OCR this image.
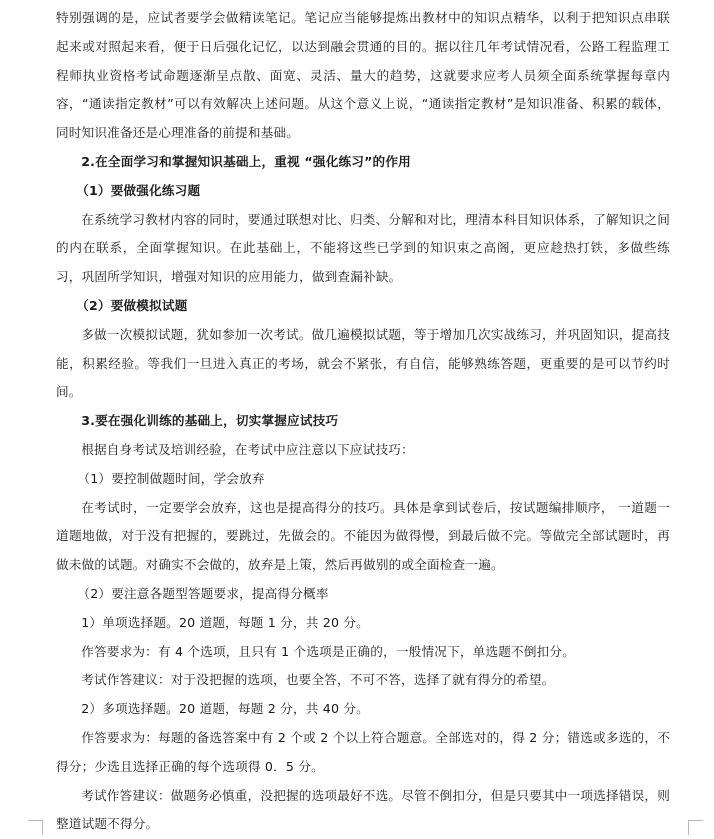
特别强调的是，应试者要学会做精读笔记。笔记应当能够提炼出教材中的知识点精华，以利于把知识点串联起来或对照起来看，便于日后强化记忆，以达到融会贯通的目的。据以往几年考试情况看，公路工程监理工程师执业资格考试命题逐渐呈点散、面宽、灵活、量大的趋势，这就要求应考人员须全面系统掌握每章内容，“通读指定教材”可以有效解决上述问题。从这个意义上说，“通读指定教材”是知识准备、积累的载体，同时知识准备还是心理准备的前提和基础。

2.在全面学习和掌握知识基础上，重视 “强化练习”的作用

（1）要做强化练习题

在系统学习教材内容的同时，要通过联想对比、归类、分解和对比，理清本科目知识体系，了解知识之间的内在联系，全面掌握知识。在此基础上，不能将这些已学到的知识束之高阁，更应趁热打铁，多做些练习，巩固所学知识，增强对知识的应用能力，做到查漏补缺。

（2）要做模拟试题

多做一次模拟试题，犹如参加一次考试。做几遍模拟试题，等于增加几次实战练习，并巩固知识，提高技能，积累经验。等我们一旦进入真正的考场，就会不紧张，有自信，能够熟练答题，更重要的是可以节约时间。

3.要在强化训练的基础上，切实掌握应试技巧

根据自身考试及培训经验，在考试中应注意以下应试技巧：

（1）要控制做题时间，学会放弃

在考试时，一定要学会放弃，这也是提高得分的技巧。具体是拿到试卷后，按试题编排顺序， 一道题一道题地做，对于没有把握的，要跳过，先做会的。不能因为做得慢，到最后做不完。等做完全部试题时，再做未做的试题。对确实不会做的，放弃是上策，然后再做别的或全面检查一遍。

（2）要注意各题型答题要求，提高得分概率

1）单项选择题。20 道题，每题 1 分，共 20 分。

作答要求为：有 4 个选项，且只有 1 个选项是正确的，一般情况下，单选题不倒扣分。

考试作答建议：对于没把握的选项，也要全答，不可不答，选择了就有得分的希望。

2）多项选择题。20 道题，每题 2 分，共 40 分。

作答要求为：每题的备选答案中有 2 个或 2 个以上符合题意。全部选对的，得 2 分；错选或多选的，不得分；少选且选择正确的每个选项得 0．5 分。

考试作答建议：做题务必慎重，没把握的选项最好不选。尽管不倒扣分，但是只要其中一项选择错误，则整道试题不得分。
